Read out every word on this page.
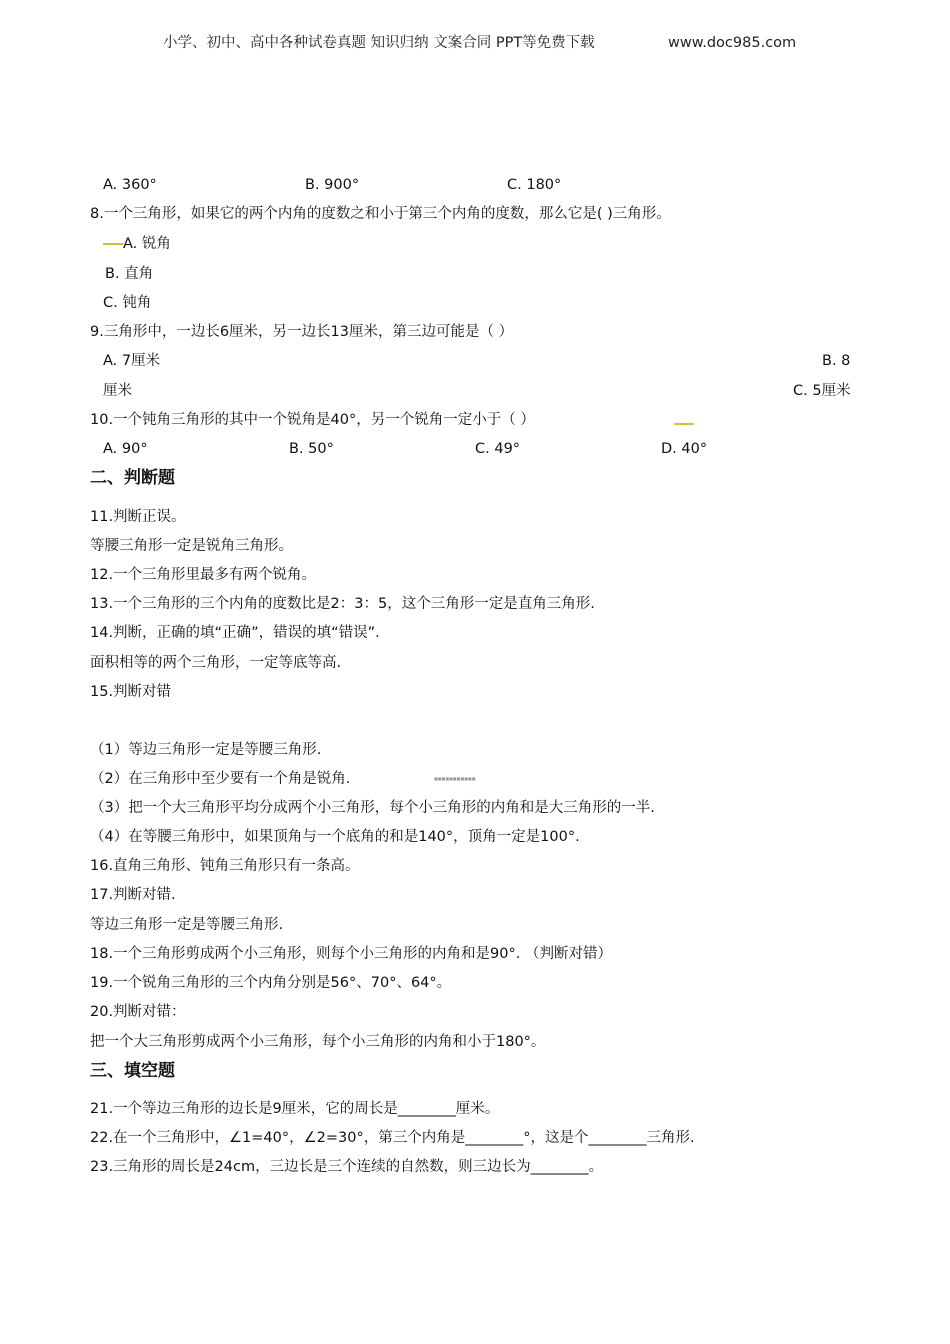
小学、初中、高中各种试卷真题 知识归纳 文案合同 PPT等免费下载	www.doc985.com
A. 360°	B. 900°	C. 180°
8.一个三角形，如果它的两个内角的度数之和小于第三个内角的度数，那么它是( )三角形。
A. 锐角
B. 直角
C. 钝角
9.三角形中，一边长6厘米，另一边长13厘米，第三边可能是（ ）
A. 7厘米	B. 8
厘米	C. 5厘米
10.一个钝角三角形的其中一个锐角是40°，另一个锐角一定小于（ ）
A. 90°	B. 50°	C. 49°	D. 40°
二、判断题
11.判断正误。
等腰三角形一定是锐角三角形。
12.一个三角形里最多有两个锐角。
13.一个三角形的三个内角的度数比是2：3：5，这个三角形一定是直角三角形.
14.判断，正确的填“正确”，错误的填“错误”.
面积相等的两个三角形，一定等底等高.
15.判断对错
（1）等边三角形一定是等腰三角形.
（2）在三角形中至少要有一个角是锐角.	■■■■■■■■■■■
（3）把一个大三角形平均分成两个小三角形，每个小三角形的内角和是大三角形的一半.
（4）在等腰三角形中，如果顶角与一个底角的和是140°，顶角一定是100°.
16.直角三角形、钝角三角形只有一条高。
17.判断对错.
等边三角形一定是等腰三角形.
18.一个三角形剪成两个小三角形，则每个小三角形的内角和是90°. （判断对错）
19.一个锐角三角形的三个内角分别是56°、70°、64°。
20.判断对错：
把一个大三角形剪成两个小三角形，每个小三角形的内角和小于180°。
三、填空题
21.一个等边三角形的边长是9厘米，它的周长是________厘米。
22.在一个三角形中，∠1=40°，∠2=30°，第三个内角是________°，这是个________三角形.
23.三角形的周长是24cm，三边长是三个连续的自然数，则三边长为________。
